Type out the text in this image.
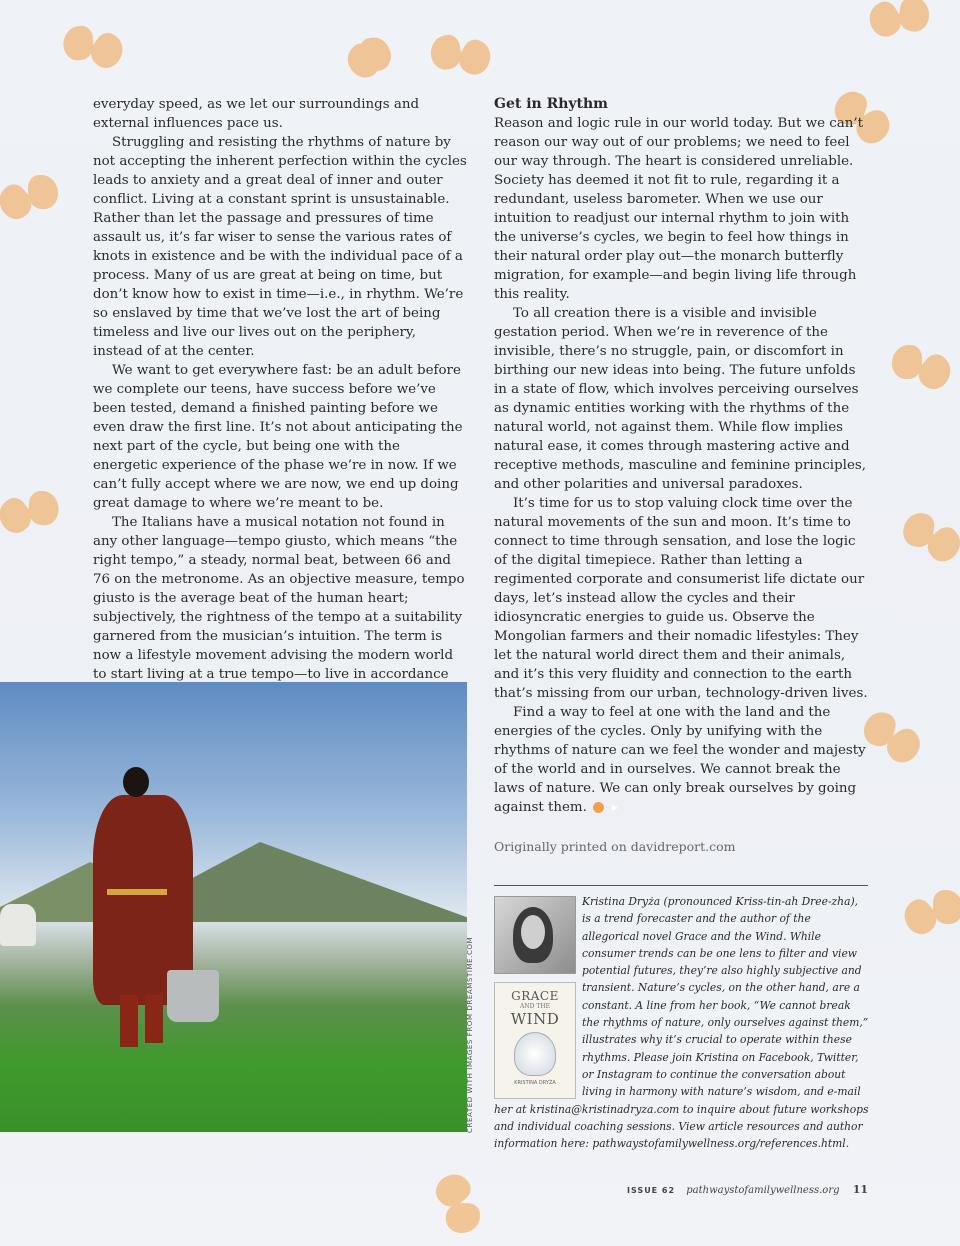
everyday speed, as we let our surroundings and external influences pace us.

Struggling and resisting the rhythms of nature by not accepting the inherent perfection within the cycles leads to anxiety and a great deal of inner and outer conflict. Living at a constant sprint is unsustainable. Rather than let the passage and pressures of time assault us, it’s far wiser to sense the various rates of knots in existence and be with the individual pace of a process. Many of us are great at being on time, but don’t know how to exist in time—i.e., in rhythm. We’re so enslaved by time that we’ve lost the art of being timeless and live our lives out on the periphery, instead of at the center.

We want to get everywhere fast: be an adult before we complete our teens, have success before we’ve been tested, demand a finished painting before we even draw the first line. It’s not about anticipating the next part of the cycle, but being one with the energetic experience of the phase we’re in now. If we can’t fully accept where we are now, we end up doing great damage to where we’re meant to be.

The Italians have a musical notation not found in any other language—tempo giusto, which means “the right tempo,” a steady, normal beat, between 66 and 76 on the metronome. As an objective measure, tempo giusto is the average beat of the human heart; subjectively, the rightness of the tempo at a suitability garnered from the musician’s intuition. The term is now a lifestyle movement advising the modern world to start living at a true tempo—to live in accordance

Get in Rhythm

Reason and logic rule in our world today. But we can’t reason our way out of our problems; we need to feel our way through. The heart is considered unreliable. Society has deemed it not fit to rule, regarding it a redundant, useless barometer. When we use our intuition to readjust our internal rhythm to join with the universe’s cycles, we begin to feel how things in their natural order play out—the monarch butterfly migration, for example—and begin living life through this reality.

To all creation there is a visible and invisible gestation period. When we’re in reverence of the invisible, there’s no struggle, pain, or discomfort in birthing our new ideas into being. The future unfolds in a state of flow, which involves perceiving ourselves as dynamic entities working with the rhythms of the natural world, not against them. While flow implies natural ease, it comes through mastering active and receptive methods, masculine and feminine principles, and other polarities and universal paradoxes.

It’s time for us to stop valuing clock time over the natural movements of the sun and moon. It’s time to connect to time through sensation, and lose the logic of the digital timepiece. Rather than letting a regimented corporate and consumerist life dictate our days, let’s instead allow the cycles and their idiosyncratic energies to guide us. Observe the Mongolian farmers and their nomadic lifestyles: They let the natural world direct them and their animals, and it’s this very fluidity and connection to the earth that’s missing from our urban, technology-driven lives.

Find a way to feel at one with the land and the energies of the cycles. Only by unifying with the rhythms of nature can we feel the wonder and majesty of the world and in ourselves. We cannot break the laws of nature. We can only break ourselves by going against them.	▶

Originally printed on davidreport.com
CREATED WITH IMAGES FROM DREAMSTIME.COM	GRACE
AND THE
WIND
KRISTINA DRYŻA
Kristina Dryża (pronounced Kriss-tin-ah Dree-zha), is a trend forecaster and the author of the allegorical novel Grace and the Wind. While consumer trends can be one lens to filter and view potential futures, they’re also highly subjective and transient. Nature’s cycles, on the other hand, are a constant. A line from her book, “We cannot break the rhythms of nature, only ourselves against them,” illustrates why it’s crucial to operate within these rhythms. Please join Kristina on Facebook, Twitter, or Instagram to continue the conversation about living in harmony with nature’s wisdom, and e-mail her at kristina@kristinadryza.com to inquire about future workshops and individual coaching sessions. View article resources and author information here: pathwaystofamilywellness.org/references.html.
ISSUE 62 pathwaystofamilywellness.org 11
